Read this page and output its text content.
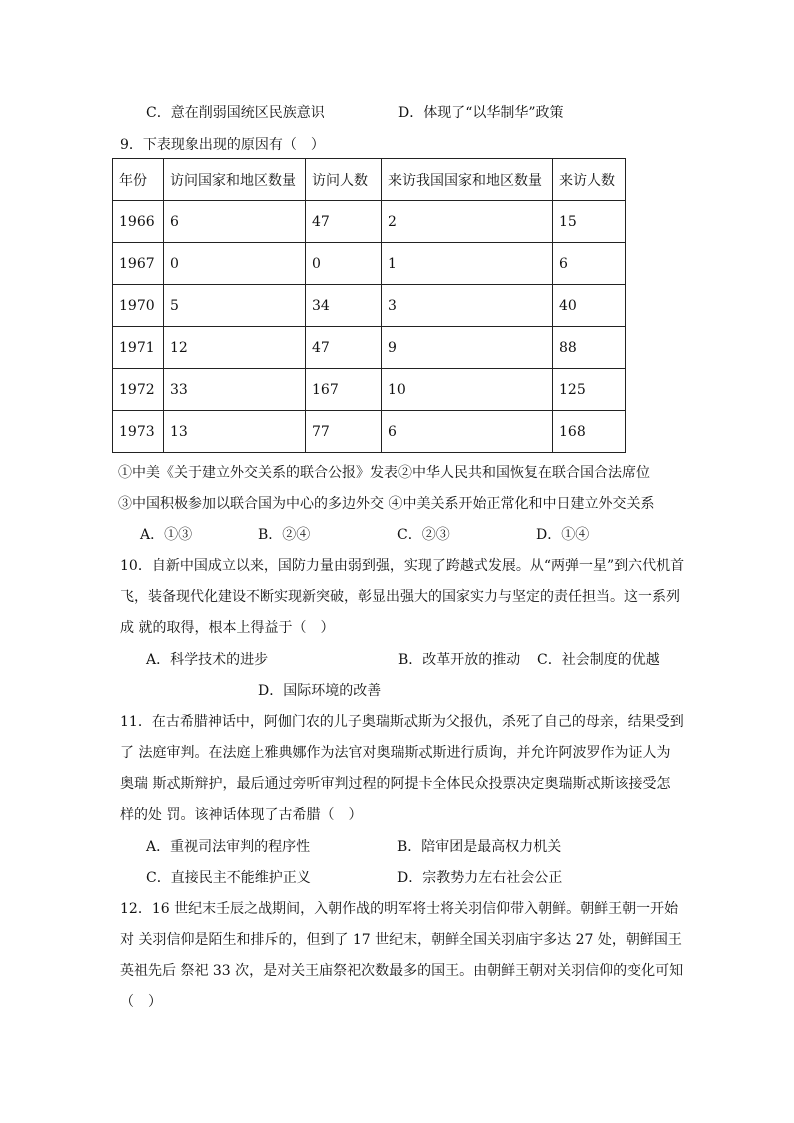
C．意在削弱国统区民族意识	D．体现了“以华制华”政策
9．下表现象出现的原因有（　）
年份	访问国家和地区数量	访问人数	来访我国国家和地区数量	来访人数
1966	6	47	2	15
1967	0	0	1	6
1970	5	34	3	40
1971	12	47	9	88
1972	33	167	10	125
1973	13	77	6	168
①中美《关于建立外交关系的联合公报》发表②中华人民共和国恢复在联合国合法席位
③中国积极参加以联合国为中心的多边外交 ④中美关系开始正常化和中日建立外交关系
A．①③	B．②④	C．②③	D．①④
10．自新中国成立以来，国防力量由弱到强，实现了跨越式发展。从“两弹一星”到六代机首
飞，装备现代化建设不断实现新突破，彰显出强大的国家实力与坚定的责任担当。这一系列
成 就的取得，根本上得益于（　）
A．科学技术的进步	B．改革开放的推动 C．社会制度的优越
D．国际环境的改善
11．在古希腊神话中，阿伽门农的儿子奥瑞斯忒斯为父报仇，杀死了自己的母亲，结果受到
了 法庭审判。在法庭上雅典娜作为法官对奥瑞斯忒斯进行质询，并允许阿波罗作为证人为
奥瑞 斯忒斯辩护，最后通过旁听审判过程的阿提卡全体民众投票决定奥瑞斯忒斯该接受怎
样的处 罚。该神话体现了古希腊（　）
A．重视司法审判的程序性	B．陪审团是最高权力机关
C．直接民主不能维护正义	D．宗教势力左右社会公正
12．16 世纪末壬辰之战期间，入朝作战的明军将士将关羽信仰带入朝鲜。朝鲜王朝一开始
对 关羽信仰是陌生和排斥的，但到了 17 世纪末，朝鲜全国关羽庙宇多达 27 处，朝鲜国王
英祖先后 祭祀 33 次，是对关王庙祭祀次数最多的国王。由朝鲜王朝对关羽信仰的变化可知
（　）
